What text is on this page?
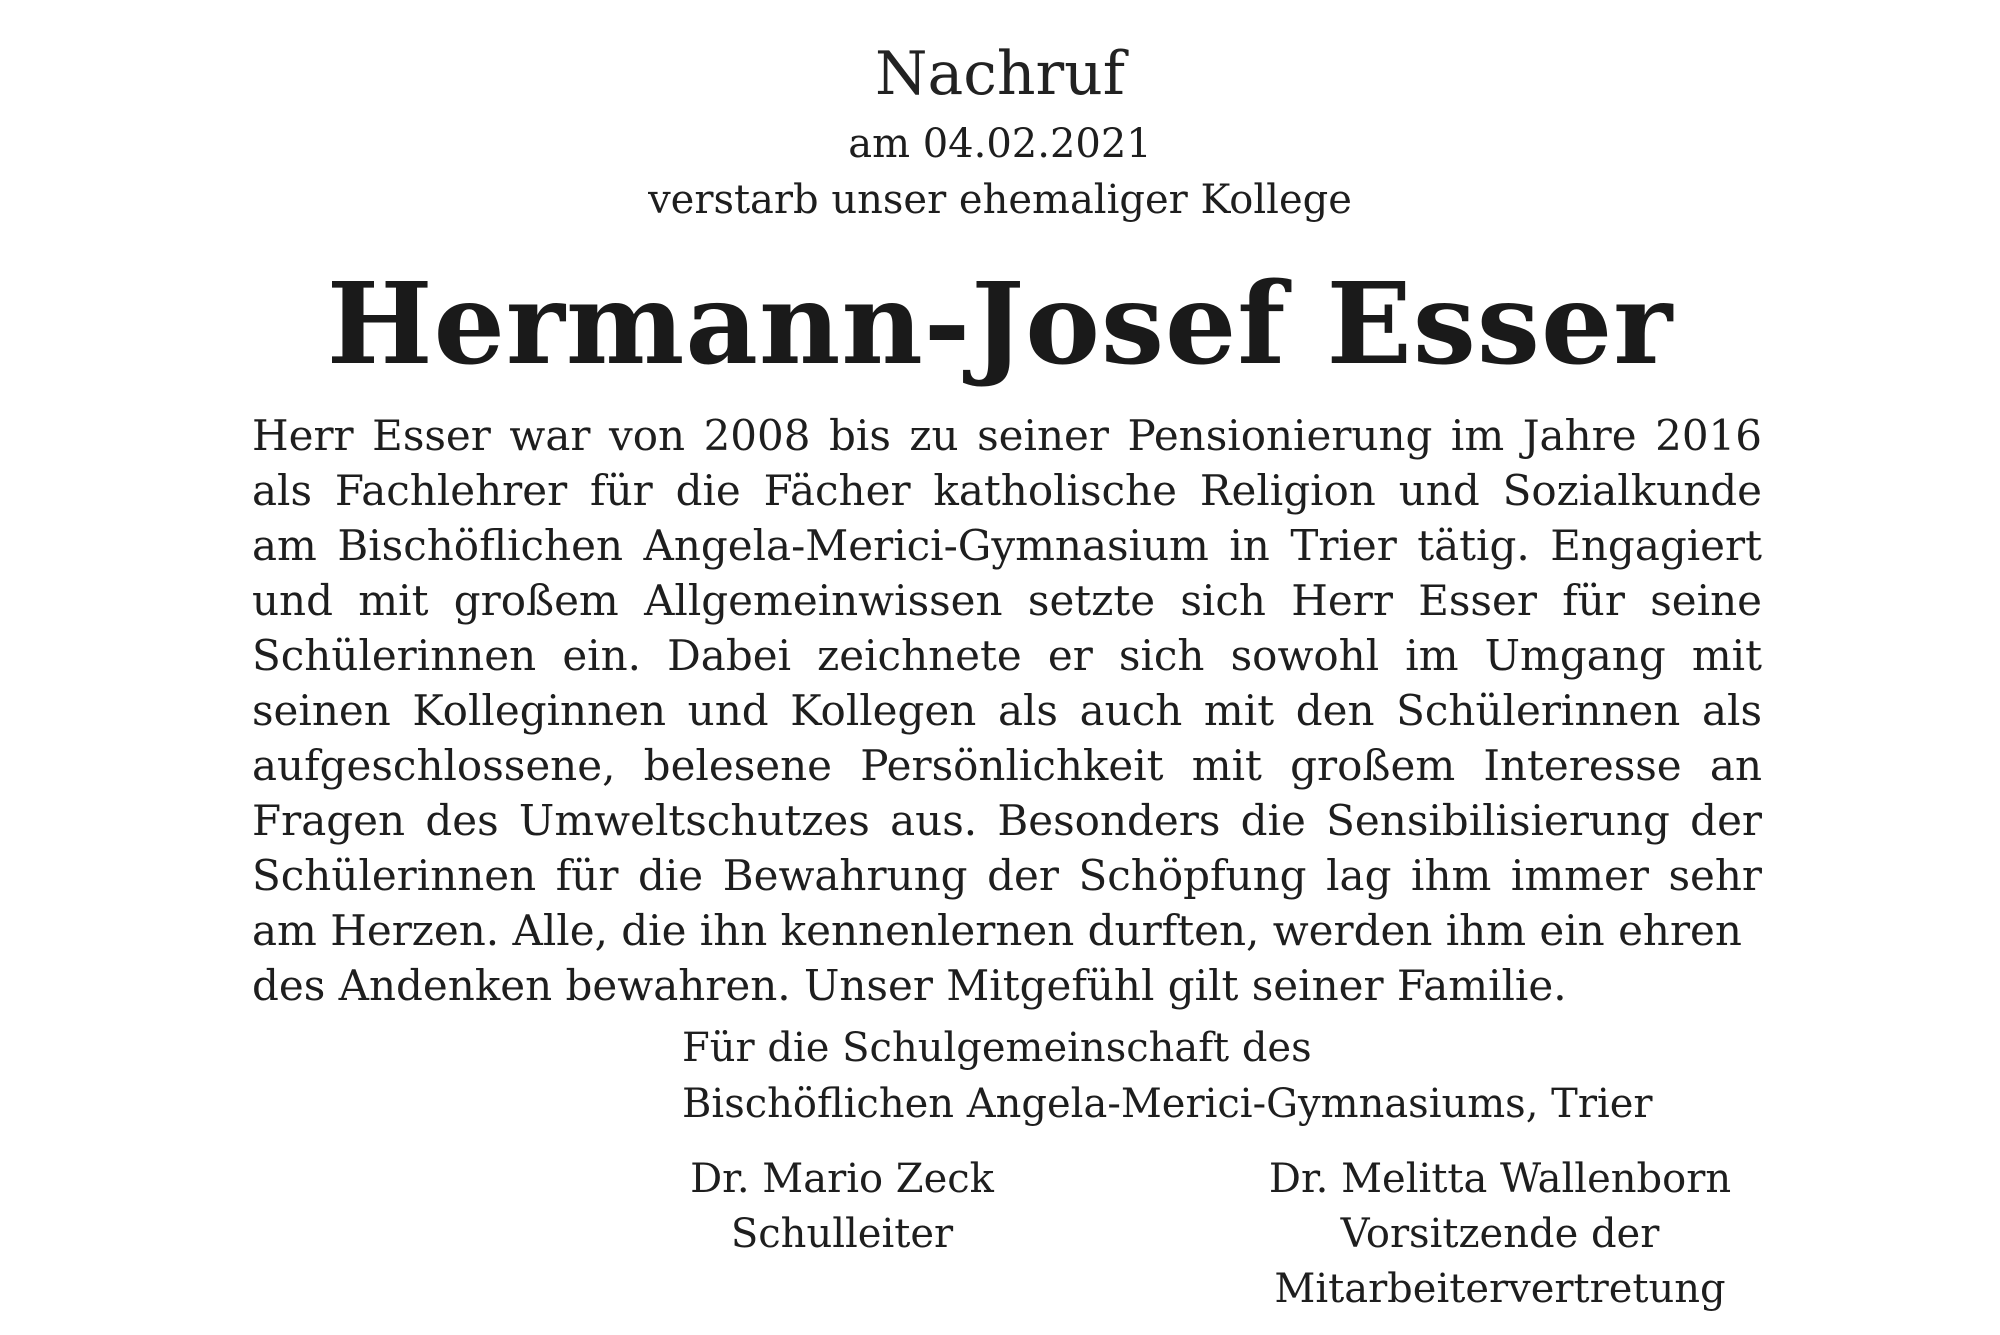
Nachruf
am 04.02.2021
verstarb unser ehemaliger Kollege
Hermann-Josef Esser
Herr Esser war von 2008 bis zu seiner Pensionierung im Jahre 2016
als Fachlehrer für die Fächer katholische Religion und Sozialkunde
am Bischöflichen Angela-Merici-Gymnasium in Trier tätig. Engagiert
und mit großem Allgemeinwissen setzte sich Herr Esser für seine
Schülerinnen ein. Dabei zeichnete er sich sowohl im Umgang mit
seinen Kolleginnen und Kollegen als auch mit den Schülerinnen als
aufgeschlossene, belesene Persönlichkeit mit großem Interesse an
Fragen des Umweltschutzes aus. Besonders die Sensibilisierung der
Schülerinnen für die Bewahrung der Schöpfung lag ihm immer sehr
am Herzen. Alle, die ihn kennenlernen durften, werden ihm ein ehren
des Andenken bewahren. Unser Mitgefühl gilt seiner Familie.
Für die Schulgemeinschaft des
Bischöflichen Angela-Merici-Gymnasiums, Trier
Dr. Mario Zeck
Schulleiter
Dr. Melitta Wallenborn
Vorsitzende der
Mitarbeitervertretung
